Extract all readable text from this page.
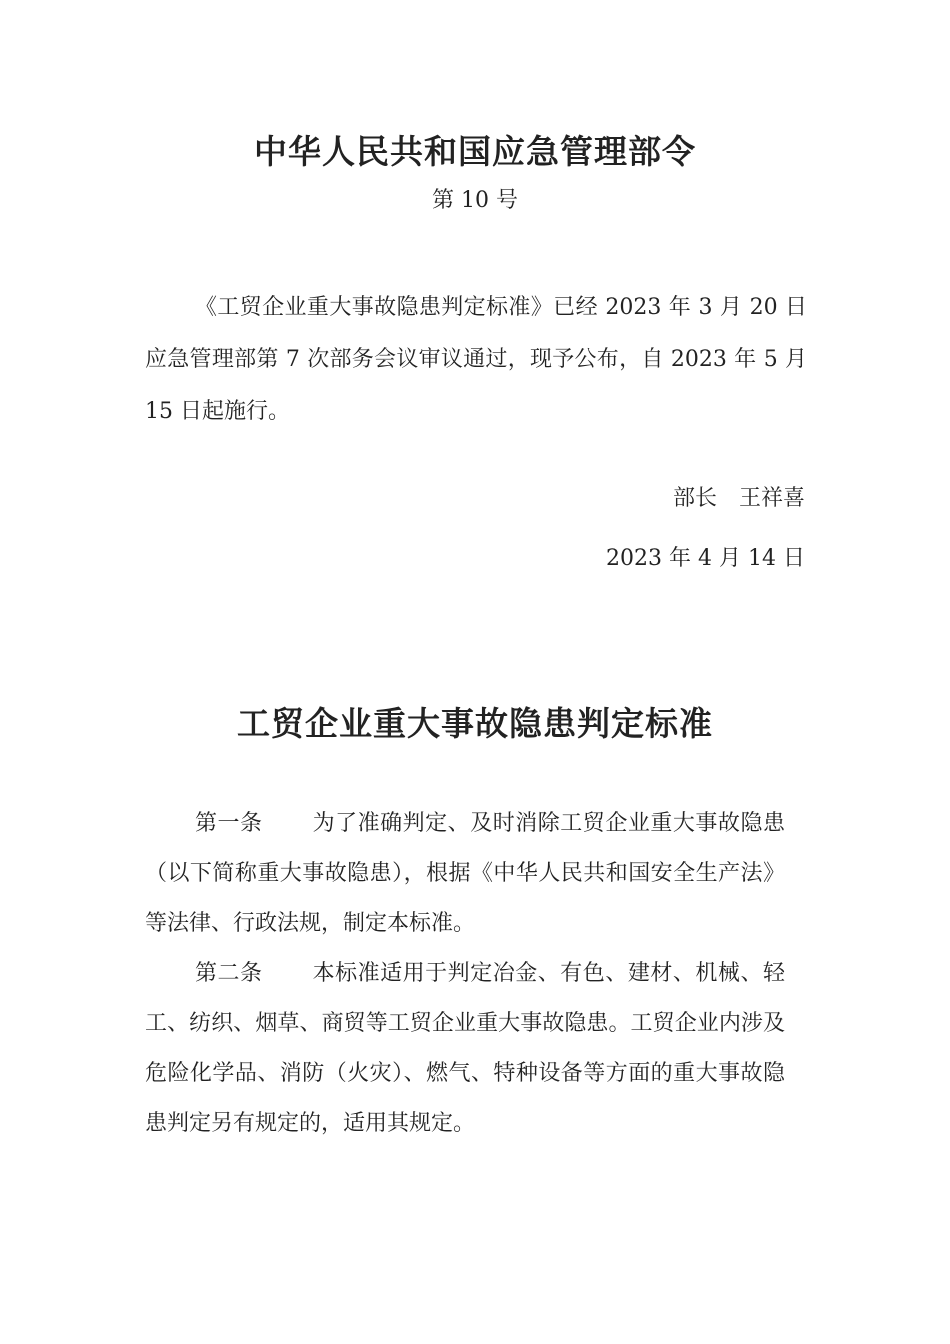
中华人民共和国应急管理部令
第 10 号

《工贸企业重大事故隐患判定标准》已经 2023 年 3 月 20 日应急管理部第 7 次部务会议审议通过，现予公布，自 2023 年 5 月 15 日起施行。

部长　王祥喜
2023 年 4 月 14 日
工贸企业重大事故隐患判定标准

第一条 为了准确判定、及时消除工贸企业重大事故隐患（以下简称重大事故隐患），根据《中华人民共和国安全生产法》等法律、行政法规，制定本标准。

第二条 本标准适用于判定冶金、有色、建材、机械、轻工、纺织、烟草、商贸等工贸企业重大事故隐患。工贸企业内涉及危险化学品、消防（火灾）、燃气、特种设备等方面的重大事故隐患判定另有规定的，适用其规定。
